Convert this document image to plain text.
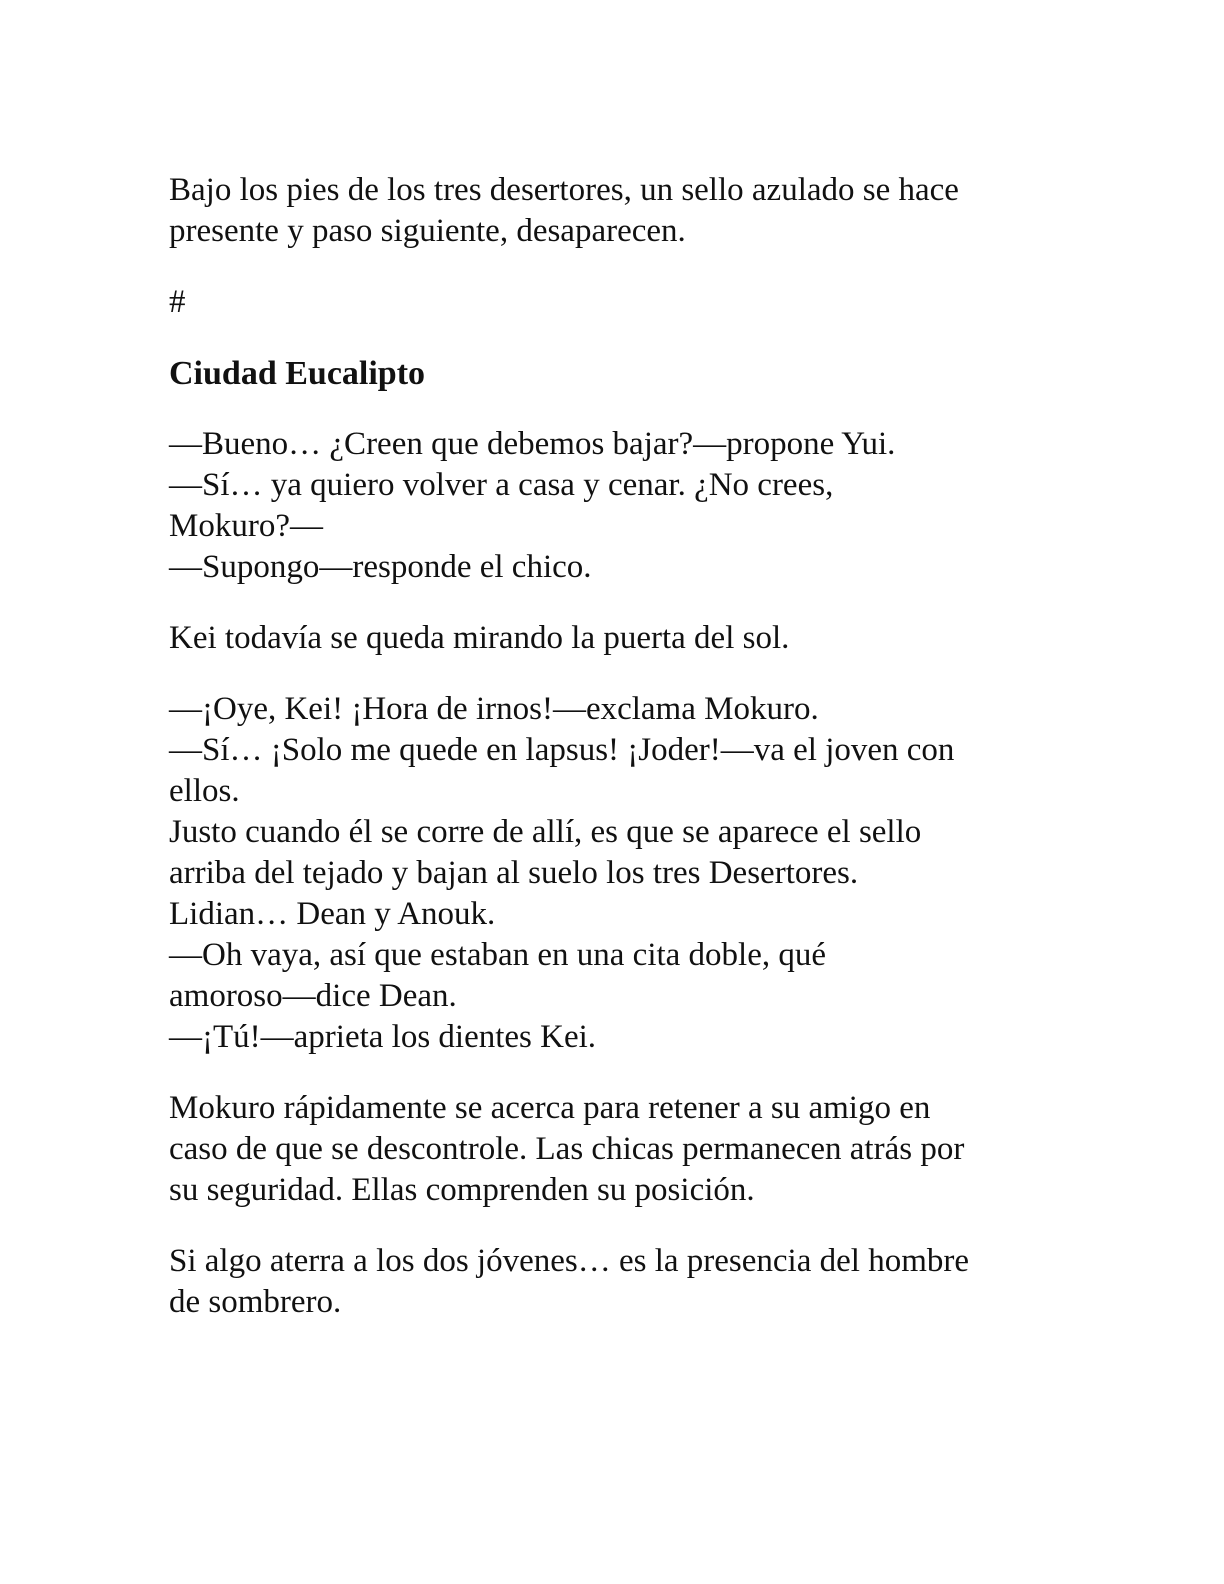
Bajo los pies de los tres desertores, un sello azulado se hace
presente y paso siguiente, desaparecen.

#

Ciudad Eucalipto

—Bueno… ¿Creen que debemos bajar?—propone Yui.
—Sí… ya quiero volver a casa y cenar. ¿No crees,
Mokuro?—
—Supongo—responde el chico.

Kei todavía se queda mirando la puerta del sol.

—¡Oye, Kei! ¡Hora de irnos!—exclama Mokuro.
—Sí… ¡Solo me quede en lapsus! ¡Joder!—va el joven con
ellos.
Justo cuando él se corre de allí, es que se aparece el sello
arriba del tejado y bajan al suelo los tres Desertores.
Lidian… Dean y Anouk.
—Oh vaya, así que estaban en una cita doble, qué
amoroso—dice Dean.
—¡Tú!—aprieta los dientes Kei.

Mokuro rápidamente se acerca para retener a su amigo en
caso de que se descontrole. Las chicas permanecen atrás por
su seguridad. Ellas comprenden su posición.

Si algo aterra a los dos jóvenes… es la presencia del hombre
de sombrero.
